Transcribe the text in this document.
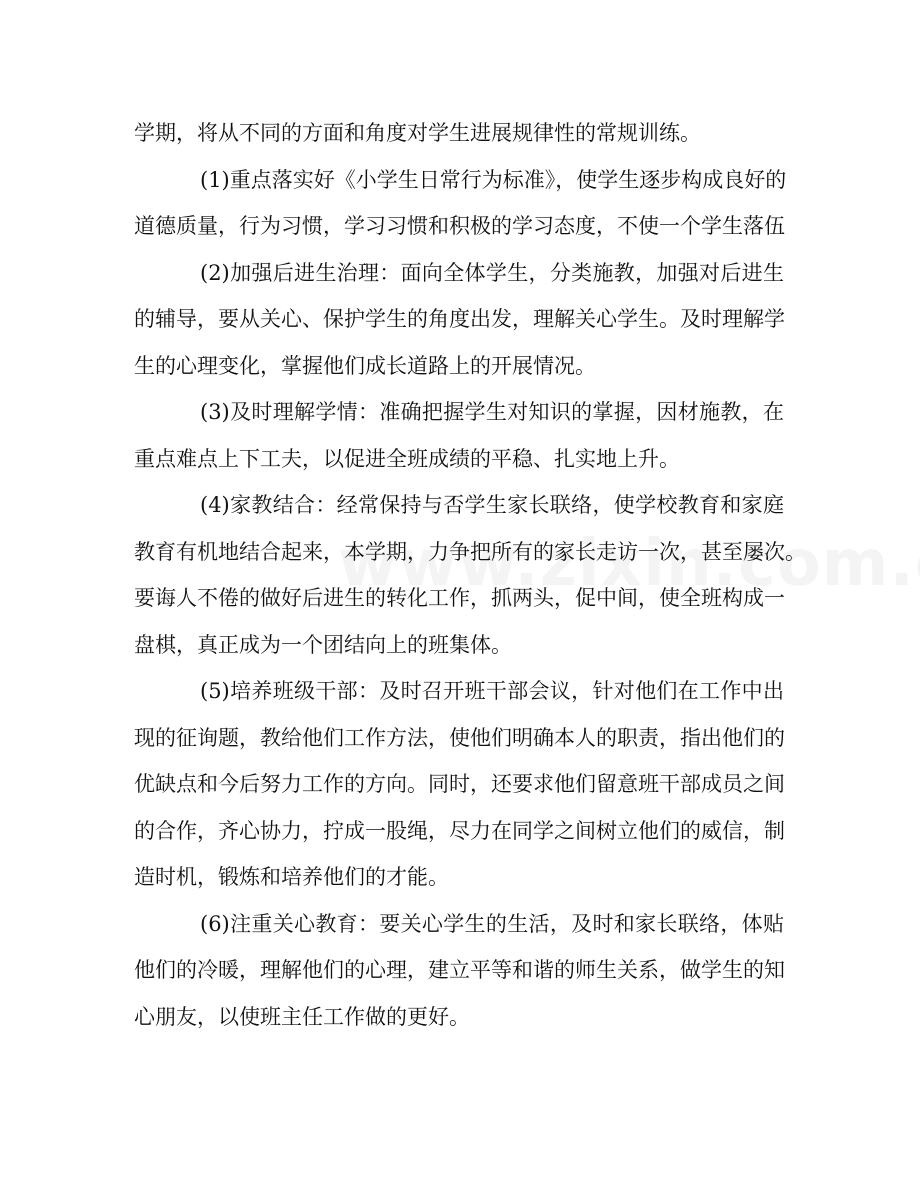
学期，将从不同的方面和角度对学生进展规律性的常规训练。
(1)重点落实好《小学生日常行为标准》，使学生逐步构成良好的
道德质量，行为习惯，学习习惯和积极的学习态度，不使一个学生落伍
(2)加强后进生治理：面向全体学生，分类施教，加强对后进生
的辅导，要从关心、保护学生的角度出发，理解关心学生。及时理解学
生的心理变化，掌握他们成长道路上的开展情况。
(3)及时理解学情：准确把握学生对知识的掌握，因材施教，在
重点难点上下工夫，以促进全班成绩的平稳、扎实地上升。
(4)家教结合：经常保持与否学生家长联络，使学校教育和家庭
教育有机地结合起来，本学期，力争把所有的家长走访一次，甚至屡次。
要诲人不倦的做好后进生的转化工作，抓两头，促中间，使全班构成一
盘棋，真正成为一个团结向上的班集体。
(5)培养班级干部：及时召开班干部会议，针对他们在工作中出
现的征询题，教给他们工作方法，使他们明确本人的职责，指出他们的
优缺点和今后努力工作的方向。同时，还要求他们留意班干部成员之间
的合作，齐心协力，拧成一股绳，尽力在同学之间树立他们的威信，制
造时机，锻炼和培养他们的才能。
(6)注重关心教育：要关心学生的生活，及时和家长联络，体贴
他们的冷暖，理解他们的心理，建立平等和谐的师生关系，做学生的知
心朋友，以使班主任工作做的更好。
